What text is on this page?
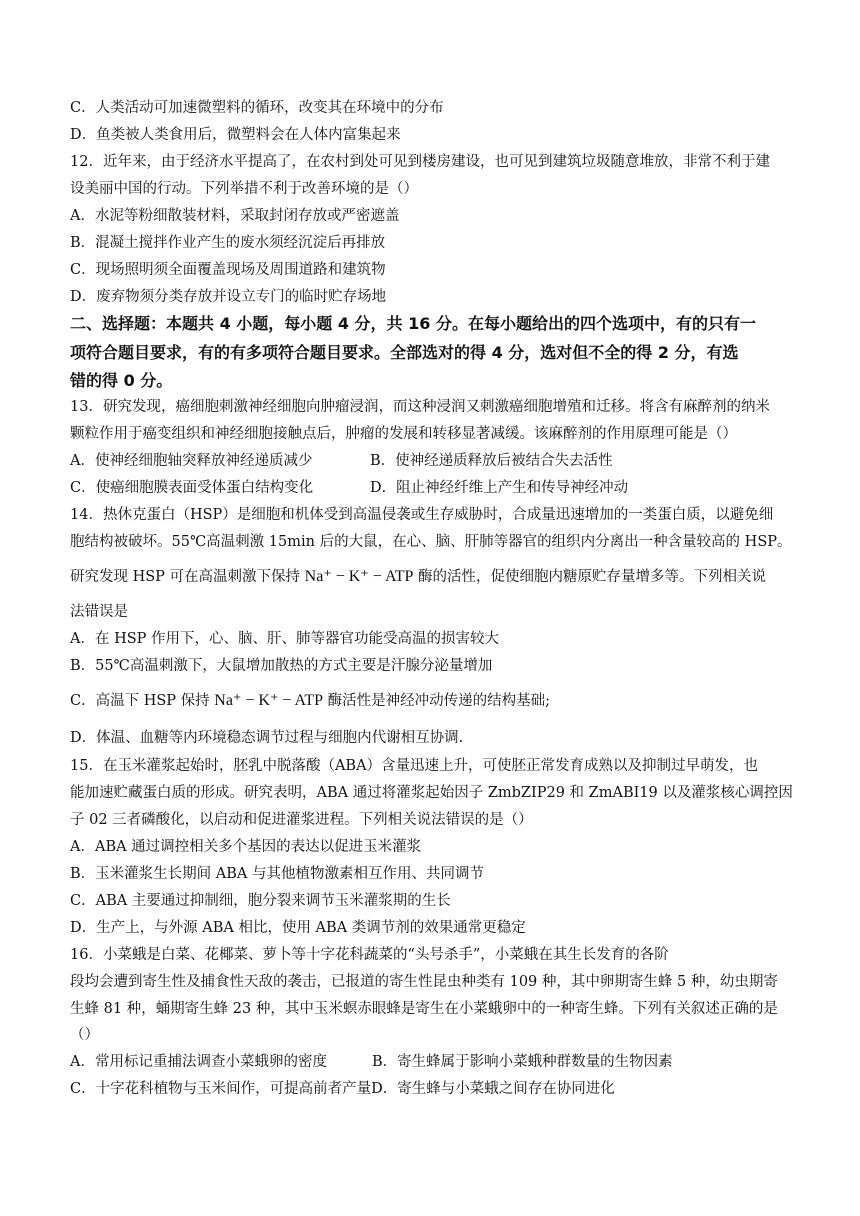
C．人类活动可加速微塑料的循环，改变其在环境中的分布
D．鱼类被人类食用后，微塑料会在人体内富集起来
12．近年来，由于经济水平提高了，在农村到处可见到楼房建设，也可见到建筑垃圾随意堆放，非常不利于建
设美丽中国的行动。下列举措不利于改善环境的是（）
A．水泥等粉细散装材料，采取封闭存放或严密遮盖
B．混凝土搅拌作业产生的废水须经沉淀后再排放
C．现场照明须全面覆盖现场及周围道路和建筑物
D．废弃物须分类存放并设立专门的临时贮存场地
二、选择题：本题共 4 小题，每小题 4 分，共 16 分。在每小题给出的四个选项中，有的只有一
项符合题目要求，有的有多项符合题目要求。全部选对的得 4 分，选对但不全的得 2 分，有选
错的得 0 分。
13．研究发现，癌细胞刺激神经细胞向肿瘤浸润，而这种浸润又刺激癌细胞增殖和迁移。将含有麻醉剂的纳米
颗粒作用于癌变组织和神经细胞接触点后，肿瘤的发展和转移显著减缓。该麻醉剂的作用原理可能是（）
A．使神经细胞轴突释放神经递质减少	B．使神经递质释放后被结合失去活性
C．使癌细胞膜表面受体蛋白结构变化	D．阻止神经纤维上产生和传导神经冲动
14．热休克蛋白（HSP）是细胞和机体受到高温侵袭或生存威胁时，合成量迅速增加的一类蛋白质，以避免细
胞结构被破坏。55℃高温刺激 15min 后的大鼠，在心、脑、肝肺等器官的组织内分离出一种含量较高的 HSP。
研究发现 HSP 可在高温刺激下保持 Na⁺ − K⁺ − ATP 酶的活性，促使细胞内糖原贮存量增多等。下列相关说
法错误是
A．在 HSP 作用下，心、脑、肝、肺等器官功能受高温的损害较大
B．55℃高温刺激下，大鼠增加散热的方式主要是汗腺分泌量增加
C．高温下 HSP 保持 Na⁺ − K⁺ − ATP 酶活性是神经冲动传递的结构基础;
D．体温、血糖等内环境稳态调节过程与细胞内代谢相互协调.
15．在玉米灌浆起始时，胚乳中脱落酸（ABA）含量迅速上升，可使胚正常发育成熟以及抑制过早萌发，也
能加速贮藏蛋白质的形成。研究表明，ABA 通过将灌浆起始因子 ZmbZIP29 和 ZmABI19 以及灌浆核心调控因
子 02 三者磷酸化，以启动和促进灌浆进程。下列相关说法错误的是（）
A．ABA 通过调控相关多个基因的表达以促进玉米灌浆
B．玉米灌浆生长期间 ABA 与其他植物激素相互作用、共同调节
C．ABA 主要通过抑制细，胞分裂来调节玉米灌浆期的生长
D．生产上，与外源 ABA 相比，使用 ABA 类调节剂的效果通常更稳定
16．小菜蛾是白菜、花椰菜、萝卜等十字花科蔬菜的“头号杀手”，小菜蛾在其生长发育的各阶
段均会遭到寄生性及捕食性天敌的袭击，已报道的寄生性昆虫种类有 109 种，其中卵期寄生蜂 5 种，幼虫期寄
生蜂 81 种，蛹期寄生蜂 23 种，其中玉米螟赤眼蜂是寄生在小菜蛾卵中的一种寄生蜂。下列有关叙述正确的是
（）
A．常用标记重捕法调查小菜蛾卵的密度	B．寄生蜂属于影响小菜蛾种群数量的生物因素
C．十字花科植物与玉米间作，可提高前者产量D．寄生蜂与小菜蛾之间存在协同进化
